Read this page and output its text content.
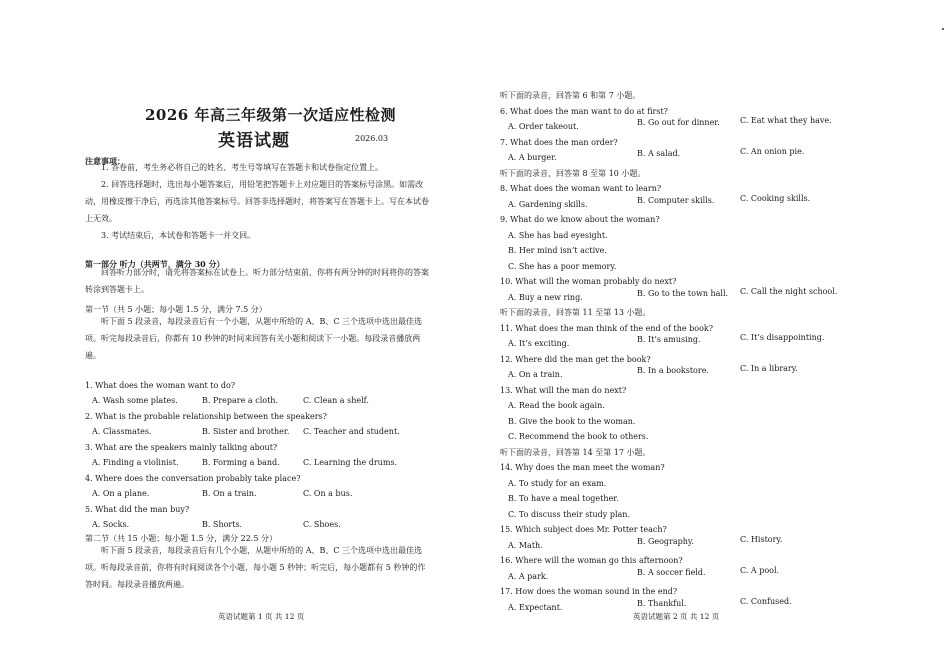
2026 年高三年级第一次适应性检测
英语试题	2026.03
注意事项：
1. 答卷前，考生务必将自己的姓名、考生号等填写在答题卡和试卷指定位置上。
2. 回答选择题时，选出每小题答案后，用铅笔把答题卡上对应题目的答案标号涂黑。如需改动，用橡皮擦干净后，再选涂其他答案标号。回答非选择题时，将答案写在答题卡上。写在本试卷上无效。
3. 考试结束后，本试卷和答题卡一并交回。
第一部分 听力（共两节，满分 30 分）
回答听力部分时，请先将答案标在试卷上。听力部分结束前，你将有两分钟的时间将你的答案转涂到答题卡上。
第一节（共 5 小题；每小题 1.5 分，满分 7.5 分）
听下面 5 段录音，每段录音后有一个小题，从题中所给的 A、B、C 三个选项中选出最佳选项。听完每段录音后，你都有 10 秒钟的时间来回答有关小题和阅读下一小题。每段录音播放两遍。
1. What does the woman want to do?
A. Wash some plates.	B. Prepare a cloth.	C. Clean a shelf.
2. What is the probable relationship between the speakers?
A. Classmates.	B. Sister and brother. C. Teacher and student.
3. What are the speakers mainly talking about?
A. Finding a violinist.	B. Forming a band.	C. Learning the drums.
4. Where does the conversation probably take place?
A. On a plane.	B. On a train.	C. On a bus.
5. What did the man buy?
A. Socks.	B. Shorts.	C. Shoes.
第二节（共 15 小题；每小题 1.5 分，满分 22.5 分）
听下面 5 段录音，每段录音后有几个小题，从题中所给的 A、B、C 三个选项中选出最佳选项。听每段录音前，你将有时间阅读各个小题，每小题 5 秒钟；听完后，每小题都有 5 秒钟的作答时间。每段录音播放两遍。
英语试题第 1 页 共 12 页
听下面的录音，回答第 6 和第 7 小题。
6. What does the man want to do at first?
A. Order takeout.	B. Go out for dinner.	C. Eat what they have.
7. What does the man order?
A. A burger.	B. A salad.	C. An onion pie.
听下面的录音，回答第 8 至第 10 小题。
8. What does the woman want to learn?
A. Gardening skills.	B. Computer skills.	C. Cooking skills.
9. What do we know about the woman?
A. She has bad eyesight.
B. Her mind isn’t active.
C. She has a poor memory.
10. What will the woman probably do next?
A. Buy a new ring.	B. Go to the town hall. C. Call the night school.
听下面的录音，回答第 11 至第 13 小题。
11. What does the man think of the end of the book?
A. It’s exciting.	B. It’s amusing.	C. It’s disappointing.
12. Where did the man get the book?
A. On a train.	B. In a bookstore.	C. In a library.
13. What will the man do next?
A. Read the book again.
B. Give the book to the woman.
C. Recommend the book to others.
听下面的录音，回答第 14 至第 17 小题。
14. Why does the man meet the woman?
A. To study for an exam.
B. To have a meal together.
C. To discuss their study plan.
15. Which subject does Mr. Potter teach?
A. Math.	B. Geography.	C. History.
16. Where will the woman go this afternoon?
A. A park.	B. A soccer field.	C. A pool.
17. How does the woman sound in the end?
A. Expectant.	B. Thankful.	C. Confused.
英语试题第 2 页 共 12 页
